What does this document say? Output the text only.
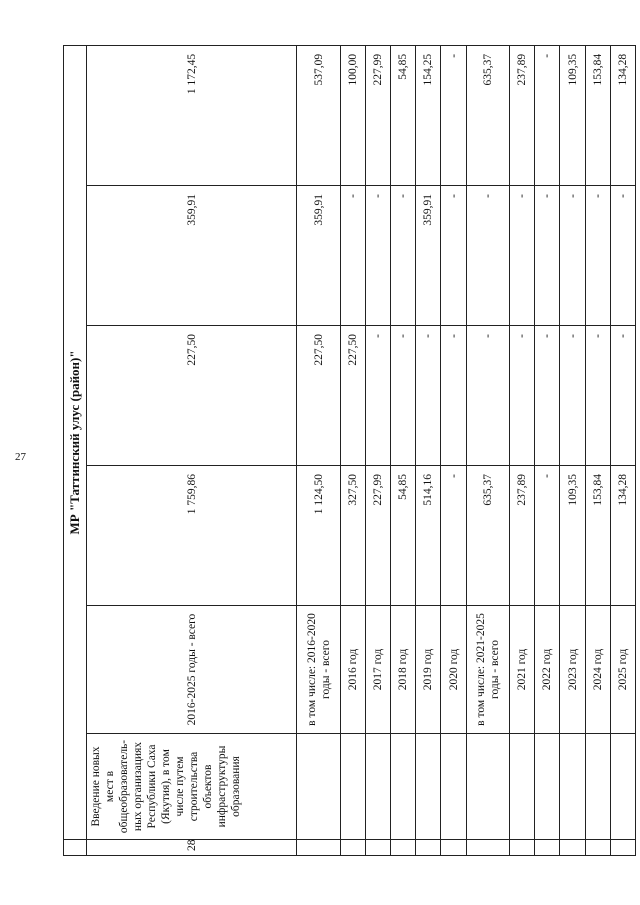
27
		МР "Таттинский улус (район)"					
28	Введение новых мест в общеобразователь-ных организациях Республики Саха (Якутия), в том числе путем строительства объектов инфраструктуры образования	2016-2025 годы - всего	1 759,86	227,50	359,91	1 172,45
		в том числе: 2016-2020 годы - всего	1 124,50	227,50	359,91	537,09
		2016 год	327,50	227,50	-	100,00
		2017 год	227,99	-	-	227,99
		2018 год	54,85	-	-	54,85
		2019 год	514,16	-	359,91	154,25
		2020 год	-	-	-	-
		в том числе: 2021-2025 годы - всего	635,37	-	-	635,37
		2021 год	237,89	-	-	237,89
		2022 год	-	-	-	-
		2023 год	109,35	-	-	109,35
		2024 год	153,84	-	-	153,84
		2025 год	134,28	-	-	134,28
